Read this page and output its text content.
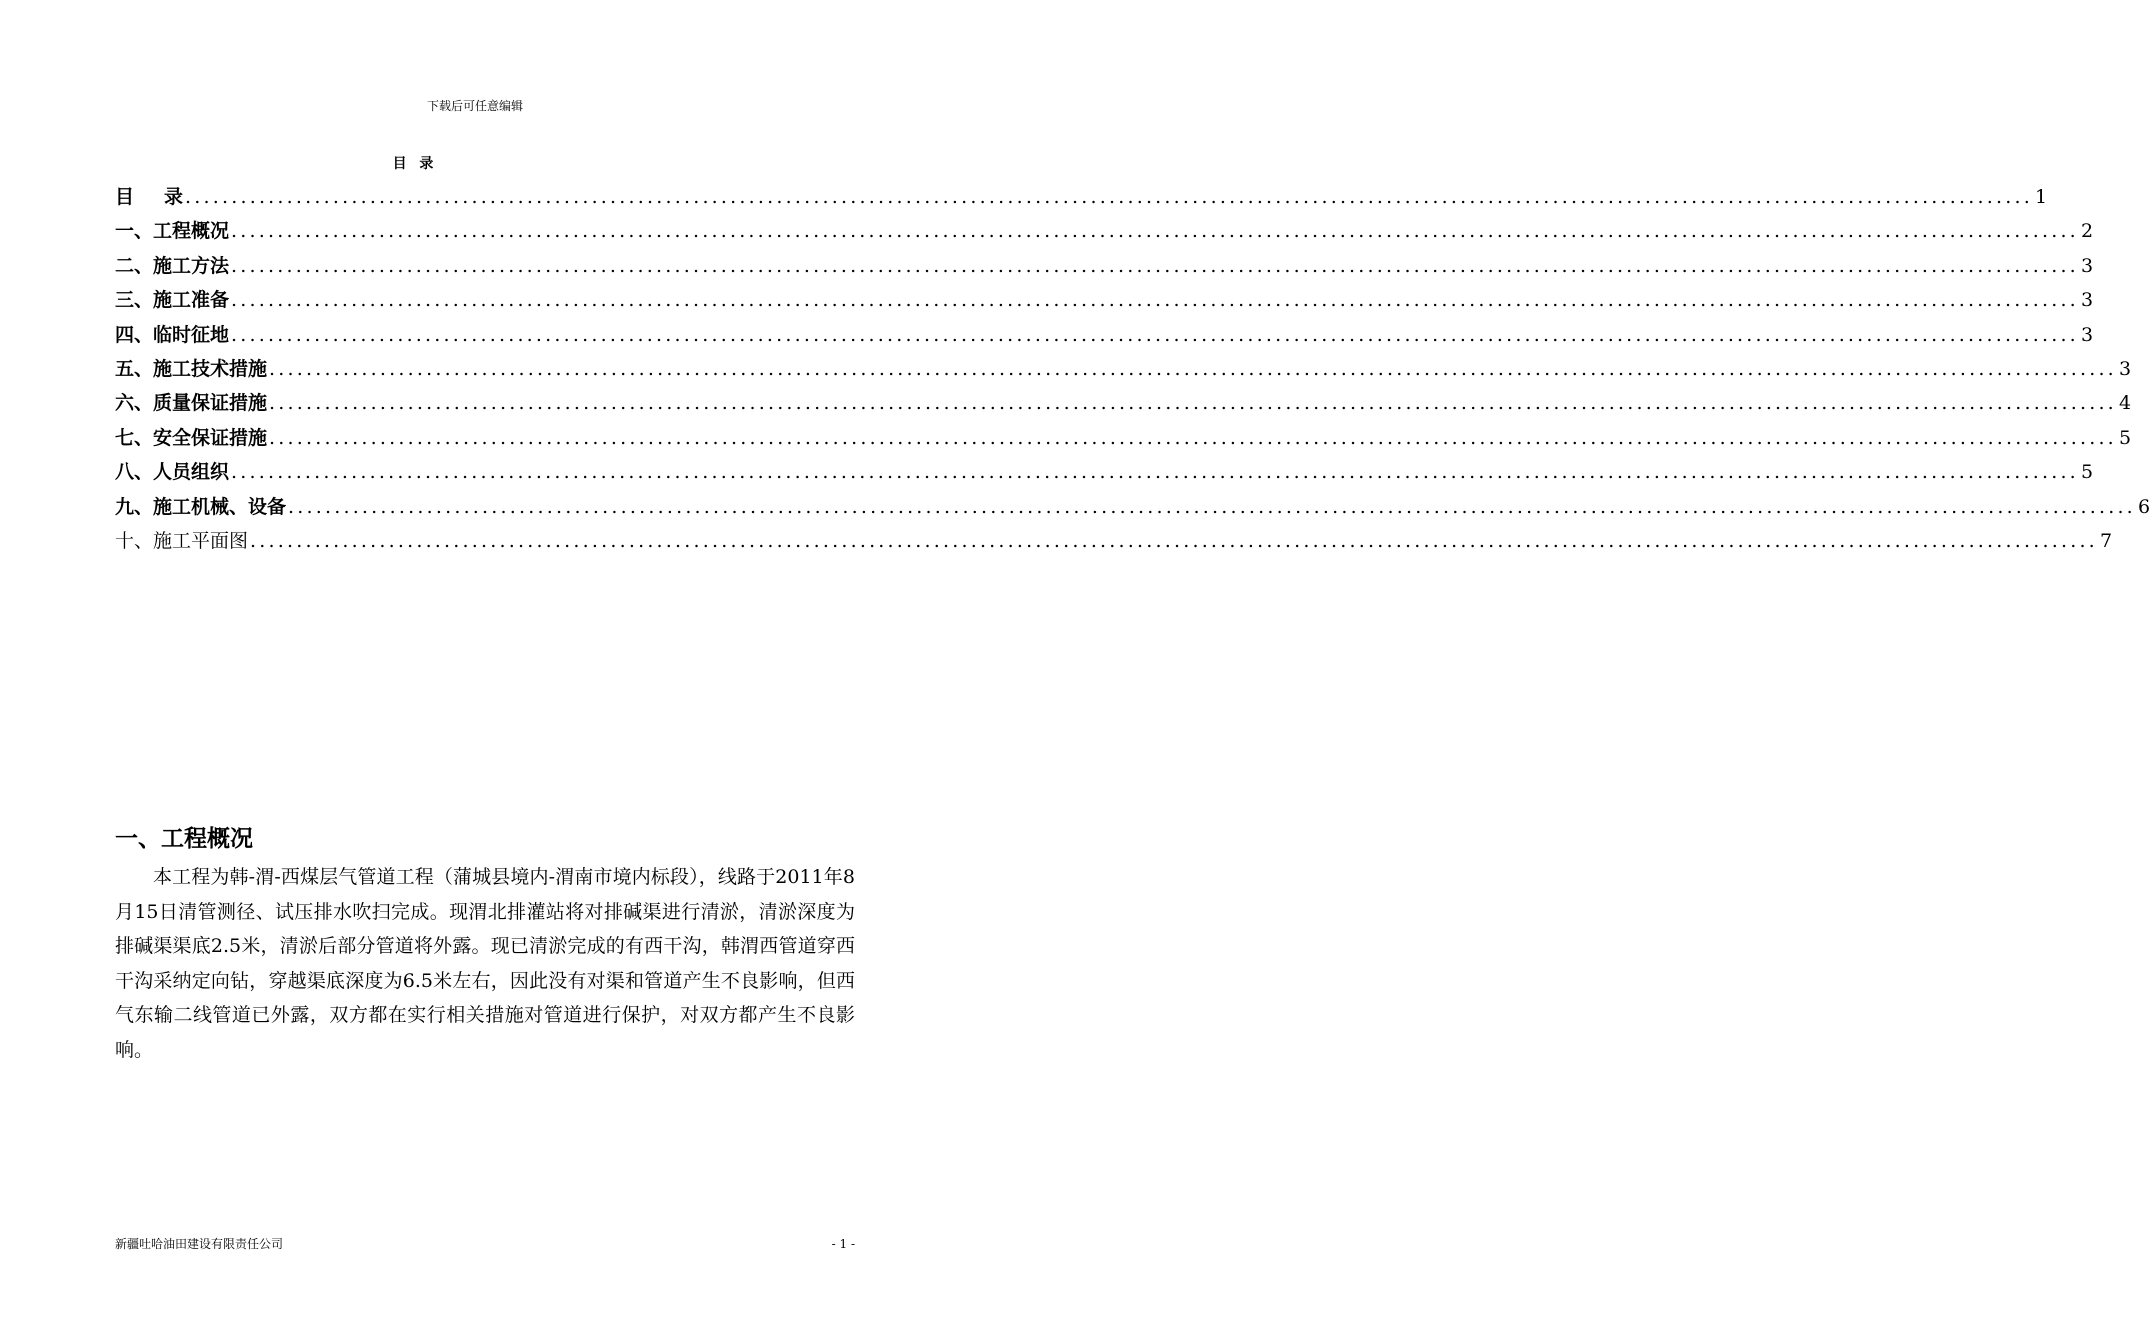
下载后可任意编辑
目 录
目录 ........................................................................................................................................................................................................ 1
一、工程概况 ........................................................................................................................................................................................................ 2
二、施工方法 ........................................................................................................................................................................................................ 3
三、施工准备 ........................................................................................................................................................................................................ 3
四、临时征地 ........................................................................................................................................................................................................ 3
五、施工技术措施 ........................................................................................................................................................................................................ 3
六、质量保证措施 ........................................................................................................................................................................................................ 4
七、安全保证措施 ........................................................................................................................................................................................................ 5
八、人员组织 ........................................................................................................................................................................................................ 5
九、施工机械、设备 ........................................................................................................................................................................................................ 6
十、施工平面图 ........................................................................................................................................................................................................ 7
一、工程概况

本工程为韩-渭-西煤层气管道工程（蒲城县境内-渭南市境内标段），线路于2011年8月15日清管测径、试压排水吹扫完成。现渭北排灌站将对排碱渠进行清淤，清淤深度为排碱渠渠底2.5米，清淤后部分管道将外露。现已清淤完成的有西干沟，韩渭西管道穿西干沟采纳定向钻，穿越渠底深度为6.5米左右，因此没有对渠和管道产生不良影响，但西气东输二线管道已外露，双方都在实行相关措施对管道进行保护，对双方都产生不良影响。

新疆吐哈油田建设有限责任公司	- 1 -
